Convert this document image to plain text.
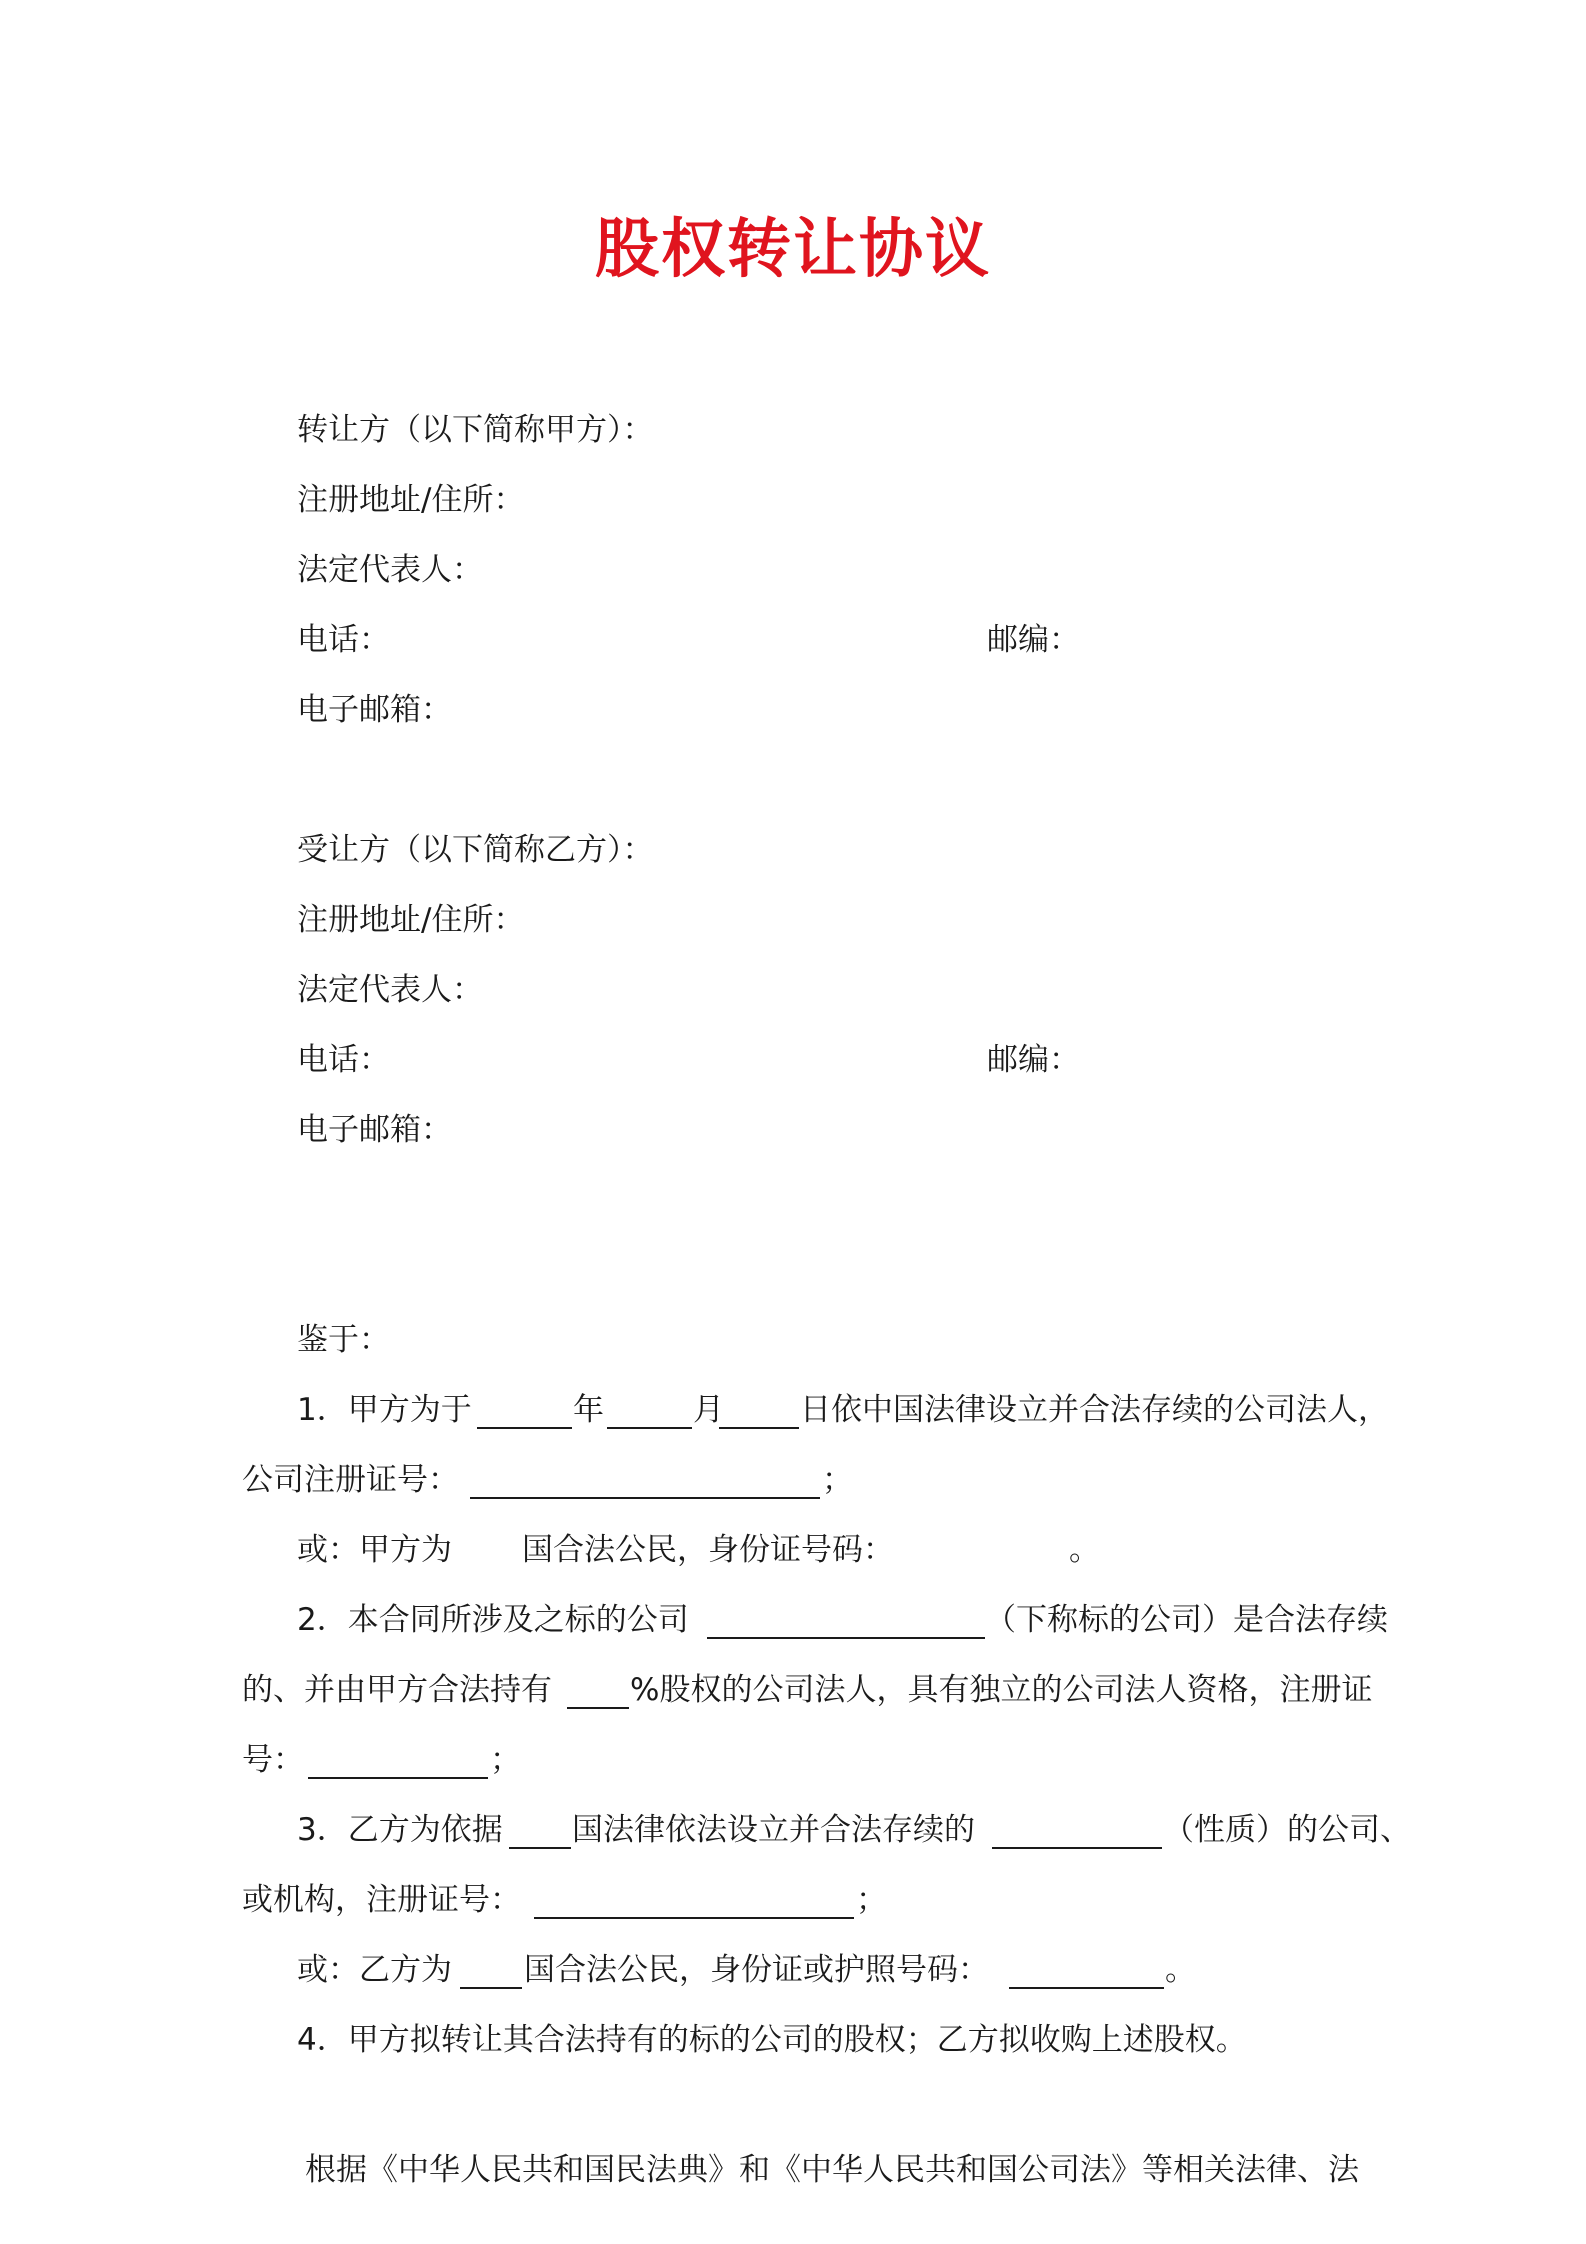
股权转让协议
转让方（以下简称甲方）：
注册地址/住所：
法定代表人：
电话：	邮编：
电子邮箱：
受让方（以下简称乙方）：
注册地址/住所：
法定代表人：
电话：	邮编：
电子邮箱：
鉴于：
1．甲方为于	年	月 日依中国法律设立并合法存续的公司法人，
公司注册证号：	；
或：甲方为 国合法公民，身份证号码：	。
2．本合同所涉及之标的公司	（下称标的公司）是合法存续
的、并由甲方合法持有	%股权的公司法人，具有独立的公司法人资格，注册证
号：	；
3．乙方为依据 国法律依法设立并合法存续的	（性质）的公司、
或机构，注册证号：	；
或：乙方为 国合法公民，身份证或护照号码：	。
4．甲方拟转让其合法持有的标的公司的股权；乙方拟收购上述股权。
根据《中华人民共和国民法典》和《中华人民共和国公司法》等相关法律、法
